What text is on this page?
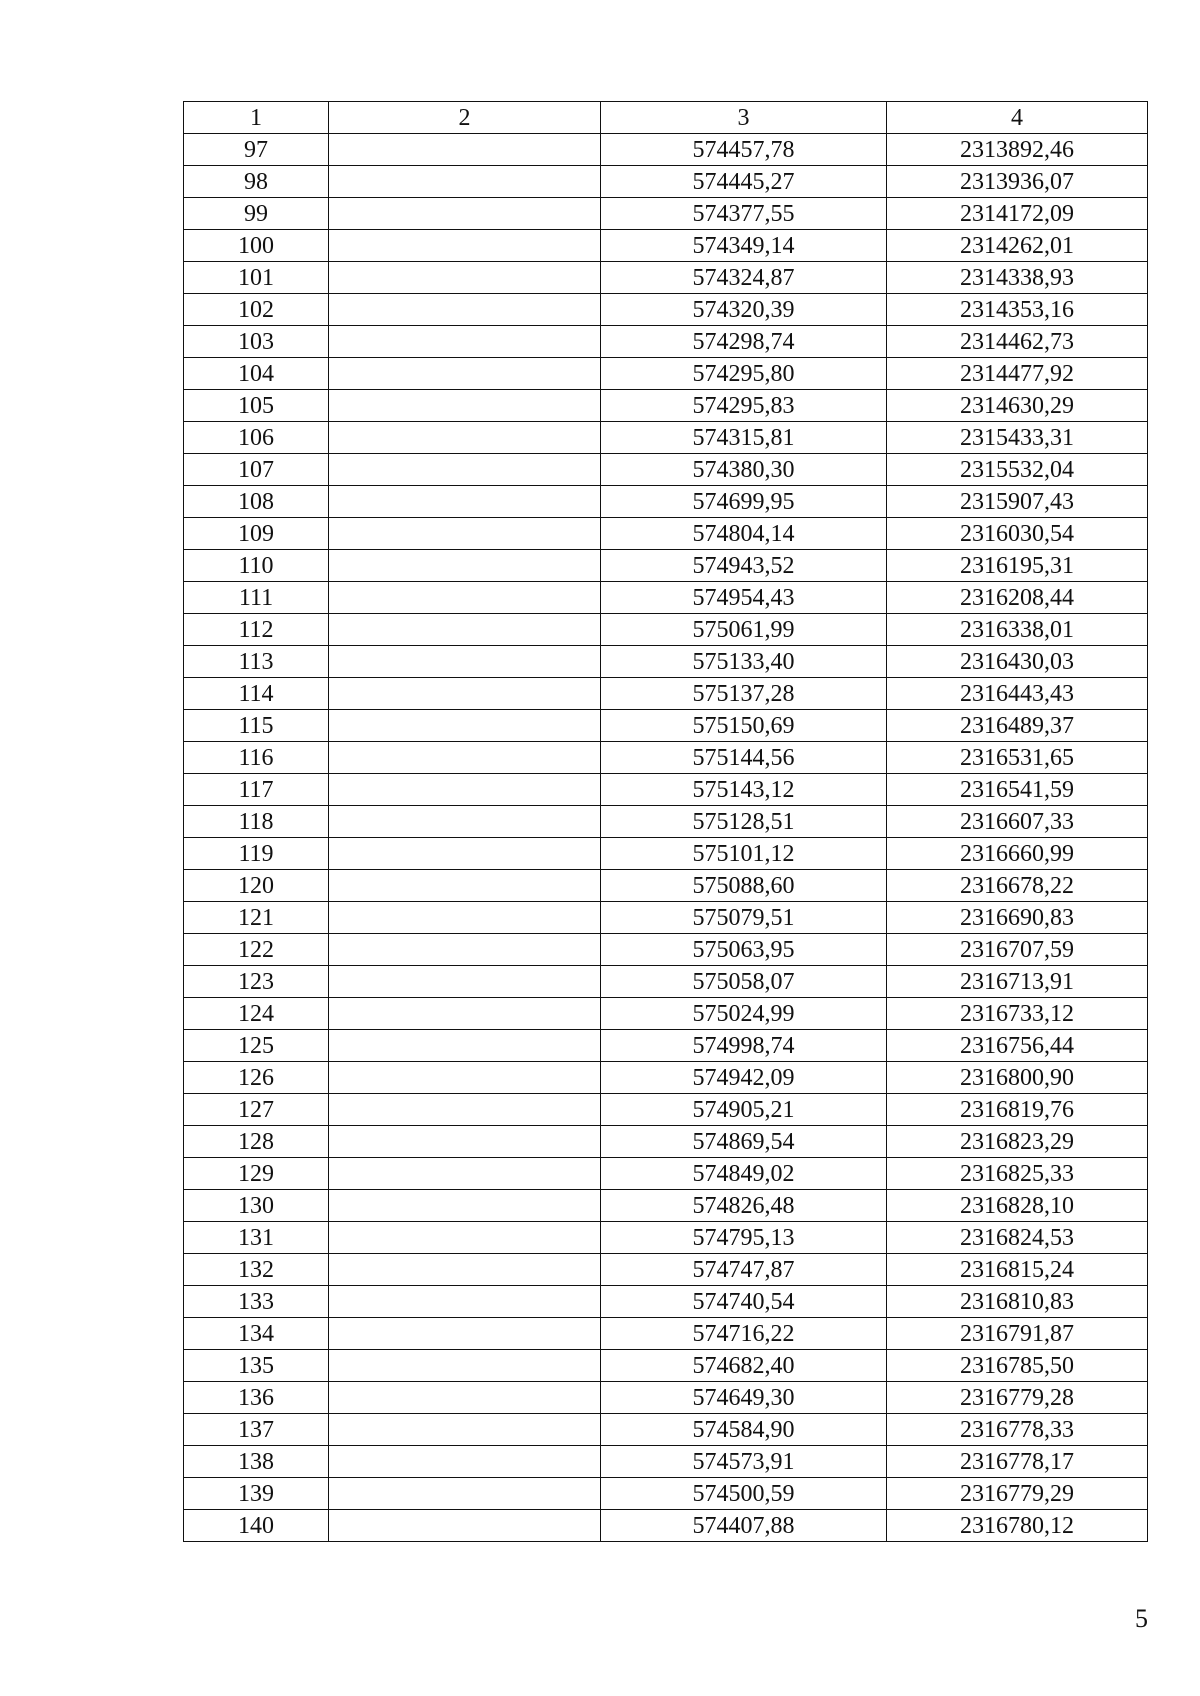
1	2	3	4
97		574457,78	2313892,46
98		574445,27	2313936,07
99		574377,55	2314172,09
100		574349,14	2314262,01
101		574324,87	2314338,93
102		574320,39	2314353,16
103		574298,74	2314462,73
104		574295,80	2314477,92
105		574295,83	2314630,29
106		574315,81	2315433,31
107		574380,30	2315532,04
108		574699,95	2315907,43
109		574804,14	2316030,54
110		574943,52	2316195,31
111		574954,43	2316208,44
112		575061,99	2316338,01
113		575133,40	2316430,03
114		575137,28	2316443,43
115		575150,69	2316489,37
116		575144,56	2316531,65
117		575143,12	2316541,59
118		575128,51	2316607,33
119		575101,12	2316660,99
120		575088,60	2316678,22
121		575079,51	2316690,83
122		575063,95	2316707,59
123		575058,07	2316713,91
124		575024,99	2316733,12
125		574998,74	2316756,44
126		574942,09	2316800,90
127		574905,21	2316819,76
128		574869,54	2316823,29
129		574849,02	2316825,33
130		574826,48	2316828,10
131		574795,13	2316824,53
132		574747,87	2316815,24
133		574740,54	2316810,83
134		574716,22	2316791,87
135		574682,40	2316785,50
136		574649,30	2316779,28
137		574584,90	2316778,33
138		574573,91	2316778,17
139		574500,59	2316779,29
140		574407,88	2316780,12
5
